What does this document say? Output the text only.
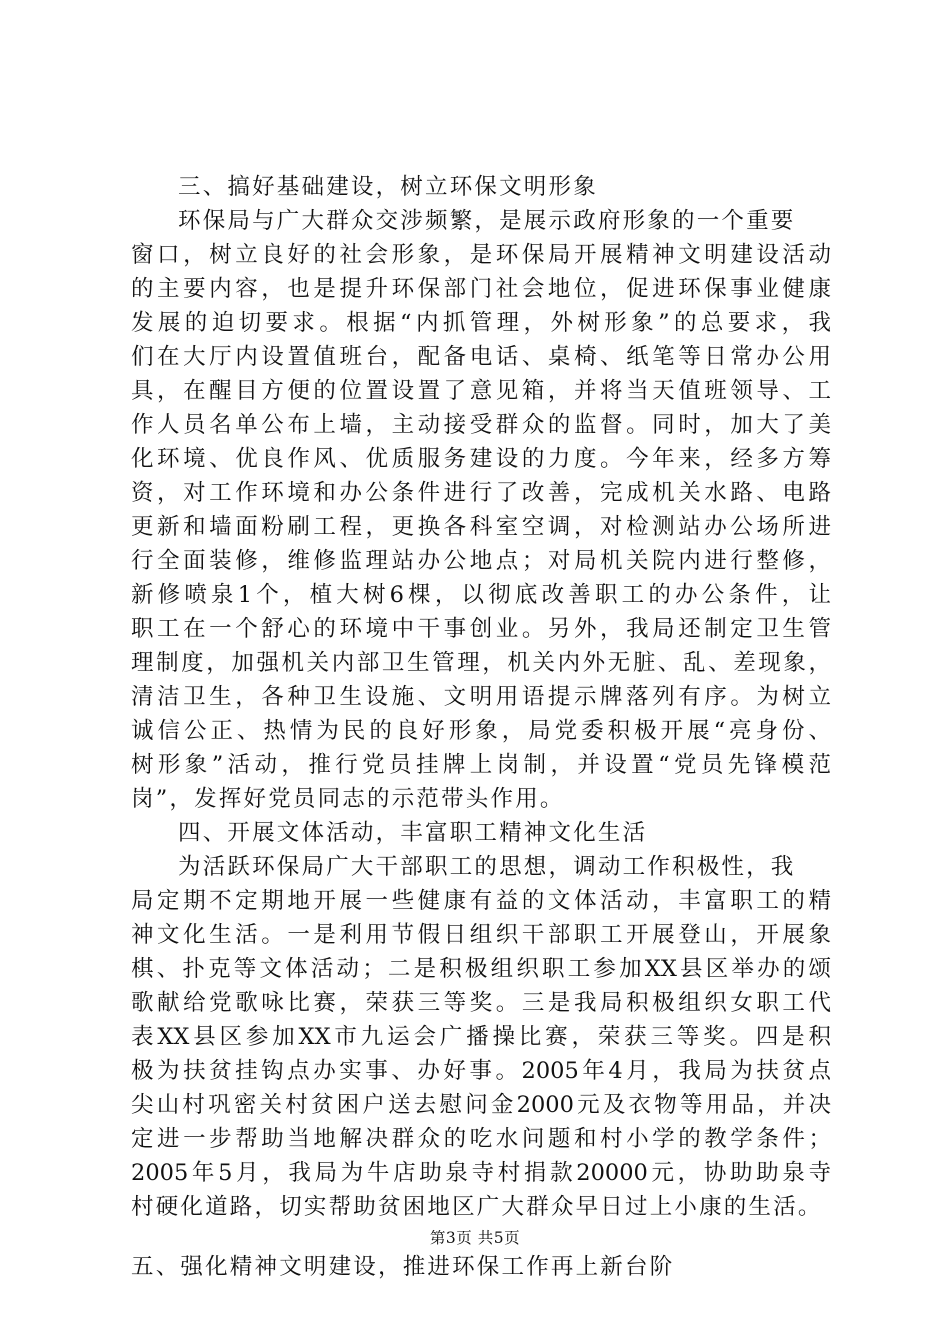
三、搞好基础建设，树立环保文明形象
环保局与广大群众交涉频繁，是展示政府形象的一个重要
窗口，树立良好的社会形象，是环保局开展精神文明建设活动
的主要内容，也是提升环保部门社会地位，促进环保事业健康
发展的迫切要求。根据“内抓管理，外树形象”的总要求，我
们在大厅内设置值班台，配备电话、桌椅、纸笔等日常办公用
具，在醒目方便的位置设置了意见箱，并将当天值班领导、工
作人员名单公布上墙，主动接受群众的监督。同时，加大了美
化环境、优良作风、优质服务建设的力度。今年来，经多方筹
资，对工作环境和办公条件进行了改善，完成机关水路、电路
更新和墙面粉刷工程，更换各科室空调，对检测站办公场所进
行全面装修，维修监理站办公地点；对局机关院内进行整修，
新修喷泉1个，植大树6棵，以彻底改善职工的办公条件，让
职工在一个舒心的环境中干事创业。另外，我局还制定卫生管
理制度，加强机关内部卫生管理，机关内外无脏、乱、差现象，
清洁卫生，各种卫生设施、文明用语提示牌落列有序。为树立
诚信公正、热情为民的良好形象，局党委积极开展“亮身份、
树形象”活动，推行党员挂牌上岗制，并设置“党员先锋模范
岗”，发挥好党员同志的示范带头作用。
四、开展文体活动，丰富职工精神文化生活
为活跃环保局广大干部职工的思想，调动工作积极性，我
局定期不定期地开展一些健康有益的文体活动，丰富职工的精
神文化生活。一是利用节假日组织干部职工开展登山，开展象
棋、扑克等文体活动；二是积极组织职工参加XX县区举办的颂
歌献给党歌咏比赛，荣获三等奖。三是我局积极组织女职工代
表XX县区参加XX市九运会广播操比赛，荣获三等奖。四是积
极为扶贫挂钩点办实事、办好事。2005年4月，我局为扶贫点
尖山村巩密关村贫困户送去慰问金2000元及衣物等用品，并决
定进一步帮助当地解决群众的吃水问题和村小学的教学条件；
2005年5月，我局为牛店助泉寺村捐款20000元，协助助泉寺
村硬化道路，切实帮助贫困地区广大群众早日过上小康的生活。
五、强化精神文明建设，推进环保工作再上新台阶
第3页 共5页
